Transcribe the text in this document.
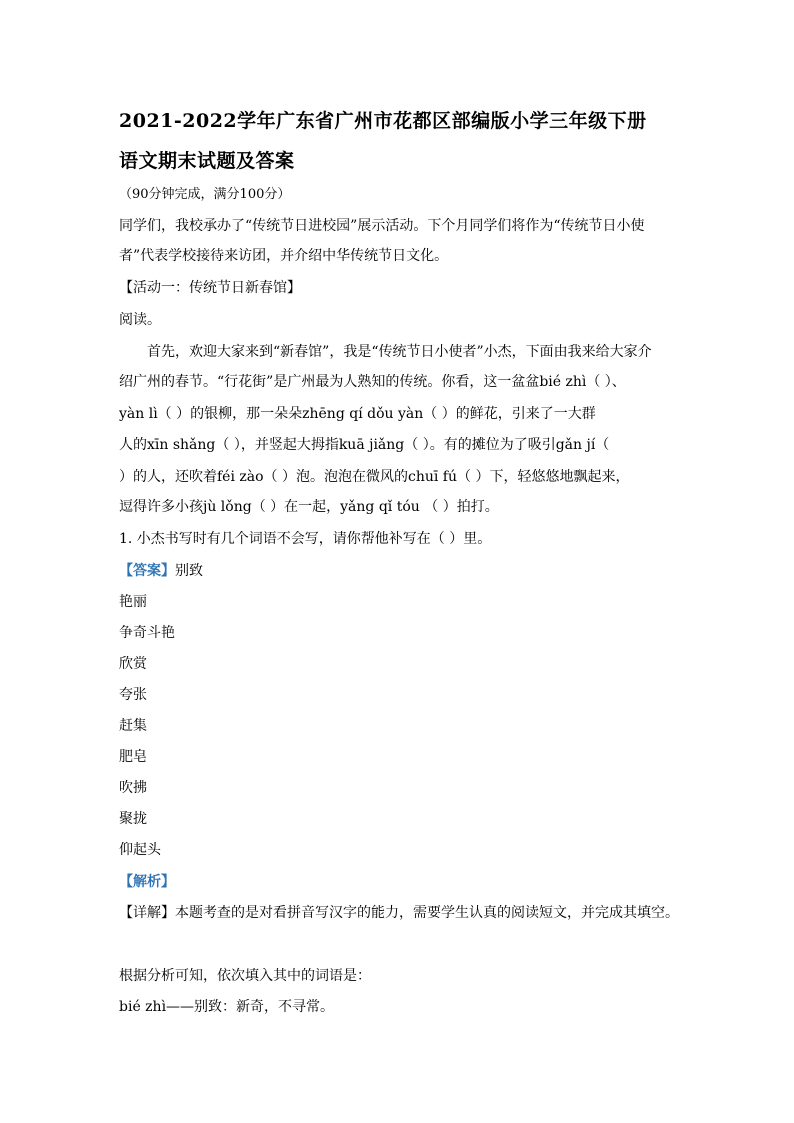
2021-2022学年广东省广州市花都区部编版小学三年级下册
语文期末试题及答案
（90分钟完成，满分100分）
同学们，我校承办了“传统节日进校园”展示活动。下个月同学们将作为“传统节日小使
者”代表学校接待来访团，并介绍中华传统节日文化。
【活动一：传统节日新春馆】
阅读。
首先，欢迎大家来到“新春馆”，我是“传统节日小使者”小杰，下面由我来给大家介
绍广州的春节。“行花街”是广州最为人熟知的传统。你看，这一盆盆bié zhì（ ）、
yàn lì（ ）的银柳，那一朵朵zhēng qí dǒu yàn（ ）的鲜花，引来了一大群
人的xīn shǎng（ ），并竖起大拇指kuā jiǎng（ ）。有的摊位为了吸引gǎn jí（
）的人，还吹着féi zào（ ）泡。泡泡在微风的chuī fú（ ）下，轻悠悠地飘起来，
逗得许多小孩jù lǒng（ ）在一起，yǎng qǐ tóu （ ）拍打。
1. 小杰书写时有几个词语不会写，请你帮他补写在（ ）里。
【答案】别致
艳丽
争奇斗艳
欣赏
夸张
赶集
肥皂
吹拂
聚拢
仰起头
【解析】
【详解】本题考查的是对看拼音写汉字的能力，需要学生认真的阅读短文，并完成其填空。
根据分析可知，依次填入其中的词语是：
bié zhì——别致：新奇，不寻常。
